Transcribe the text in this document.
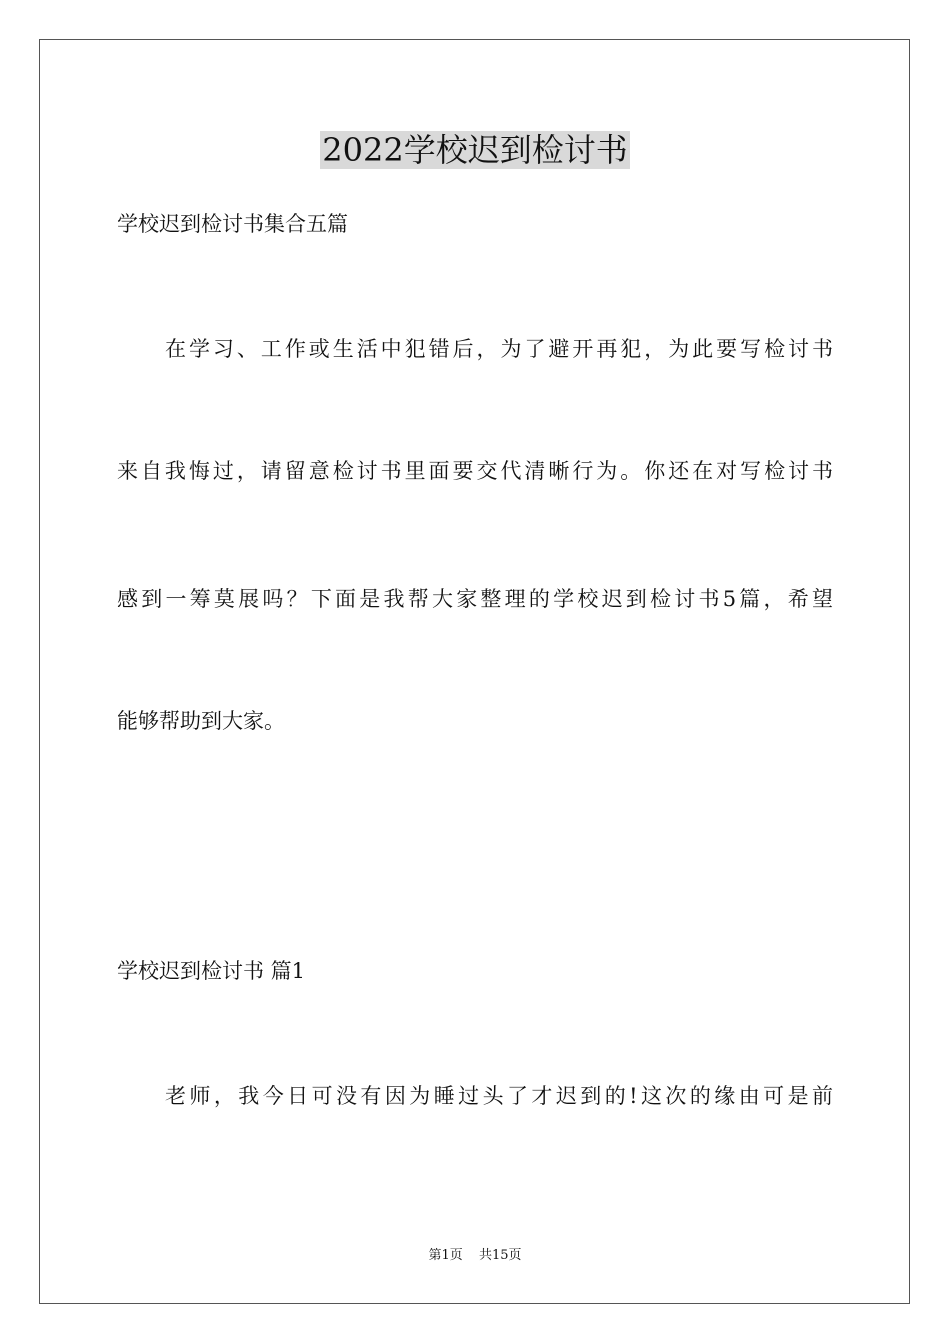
2022学校迟到检讨书
学校迟到检讨书集合五篇
在学习、工作或生活中犯错后，为了避开再犯，为此要写检讨书
来自我悔过，请留意检讨书里面要交代清晰行为。你还在对写检讨书
感到一筹莫展吗？下面是我帮大家整理的学校迟到检讨书5篇，希望
能够帮助到大家。
学校迟到检讨书 篇1
老师，我今日可没有因为睡过头了才迟到的!这次的缘由可是前
第1页 共15页
